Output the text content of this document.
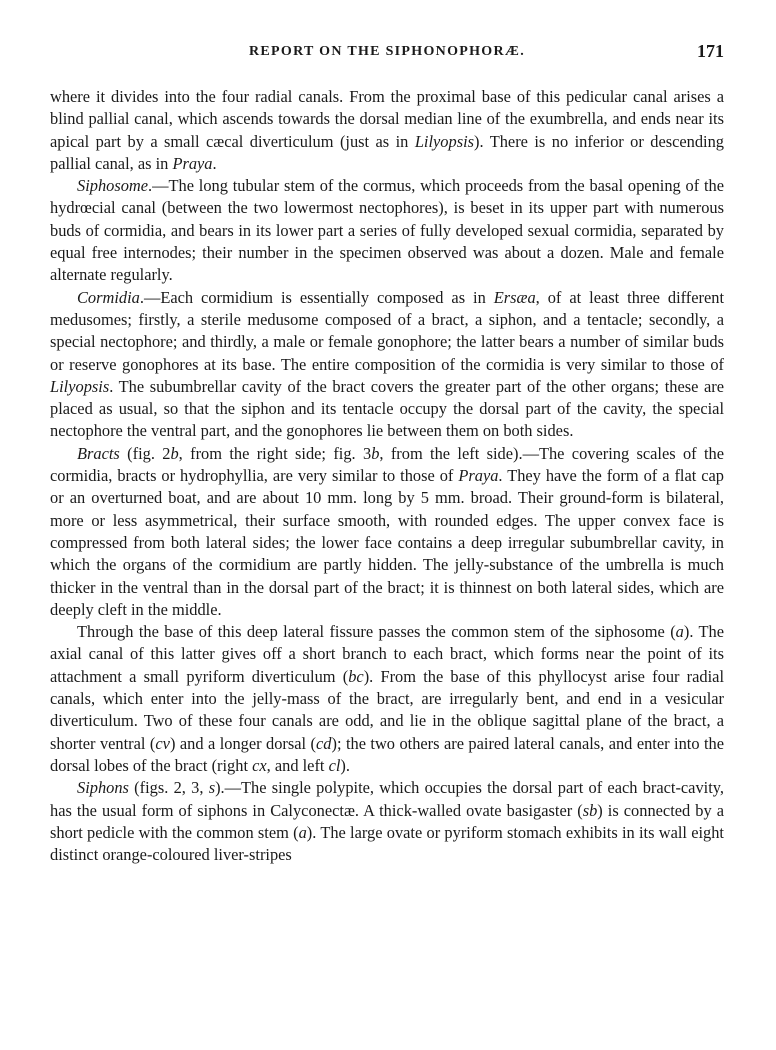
REPORT ON THE SIPHONOPHORÆ.	171

where it divides into the four radial canals. From the proximal base of this pedicular canal arises a blind pallial canal, which ascends towards the dorsal median line of the exumbrella, and ends near its apical part by a small cæcal diverticulum (just as in Lilyopsis). There is no inferior or descending pallial canal, as in Praya.

Siphosome.—The long tubular stem of the cormus, which proceeds from the basal opening of the hydrœcial canal (between the two lowermost nectophores), is beset in its upper part with numerous buds of cormidia, and bears in its lower part a series of fully developed sexual cormidia, separated by equal free internodes; their number in the specimen observed was about a dozen. Male and female alternate regularly.

Cormidia.—Each cormidium is essentially composed as in Ersæa, of at least three different medusomes; firstly, a sterile medusome composed of a bract, a siphon, and a tentacle; secondly, a special nectophore; and thirdly, a male or female gonophore; the latter bears a number of similar buds or reserve gonophores at its base. The entire composition of the cormidia is very similar to those of Lilyopsis. The subumbrellar cavity of the bract covers the greater part of the other organs; these are placed as usual, so that the siphon and its tentacle occupy the dorsal part of the cavity, the special nectophore the ventral part, and the gonophores lie between them on both sides.

Bracts (fig. 2b, from the right side; fig. 3b, from the left side).—The covering scales of the cormidia, bracts or hydrophyllia, are very similar to those of Praya. They have the form of a flat cap or an overturned boat, and are about 10 mm. long by 5 mm. broad. Their ground-form is bilateral, more or less asymmetrical, their surface smooth, with rounded edges. The upper convex face is compressed from both lateral sides; the lower face contains a deep irregular subumbrellar cavity, in which the organs of the cormidium are partly hidden. The jelly-substance of the umbrella is much thicker in the ventral than in the dorsal part of the bract; it is thinnest on both lateral sides, which are deeply cleft in the middle.

Through the base of this deep lateral fissure passes the common stem of the siphosome (a). The axial canal of this latter gives off a short branch to each bract, which forms near the point of its attachment a small pyriform diverticulum (bc). From the base of this phyllocyst arise four radial canals, which enter into the jelly-mass of the bract, are irregularly bent, and end in a vesicular diverticulum. Two of these four canals are odd, and lie in the oblique sagittal plane of the bract, a shorter ventral (cv) and a longer dorsal (cd); the two others are paired lateral canals, and enter into the dorsal lobes of the bract (right cx, and left cl).

Siphons (figs. 2, 3, s).—The single polypite, which occupies the dorsal part of each bract-cavity, has the usual form of siphons in Calyconectæ. A thick-walled ovate basigaster (sb) is connected by a short pedicle with the common stem (a). The large ovate or pyriform stomach exhibits in its wall eight distinct orange-coloured liver-stripes
